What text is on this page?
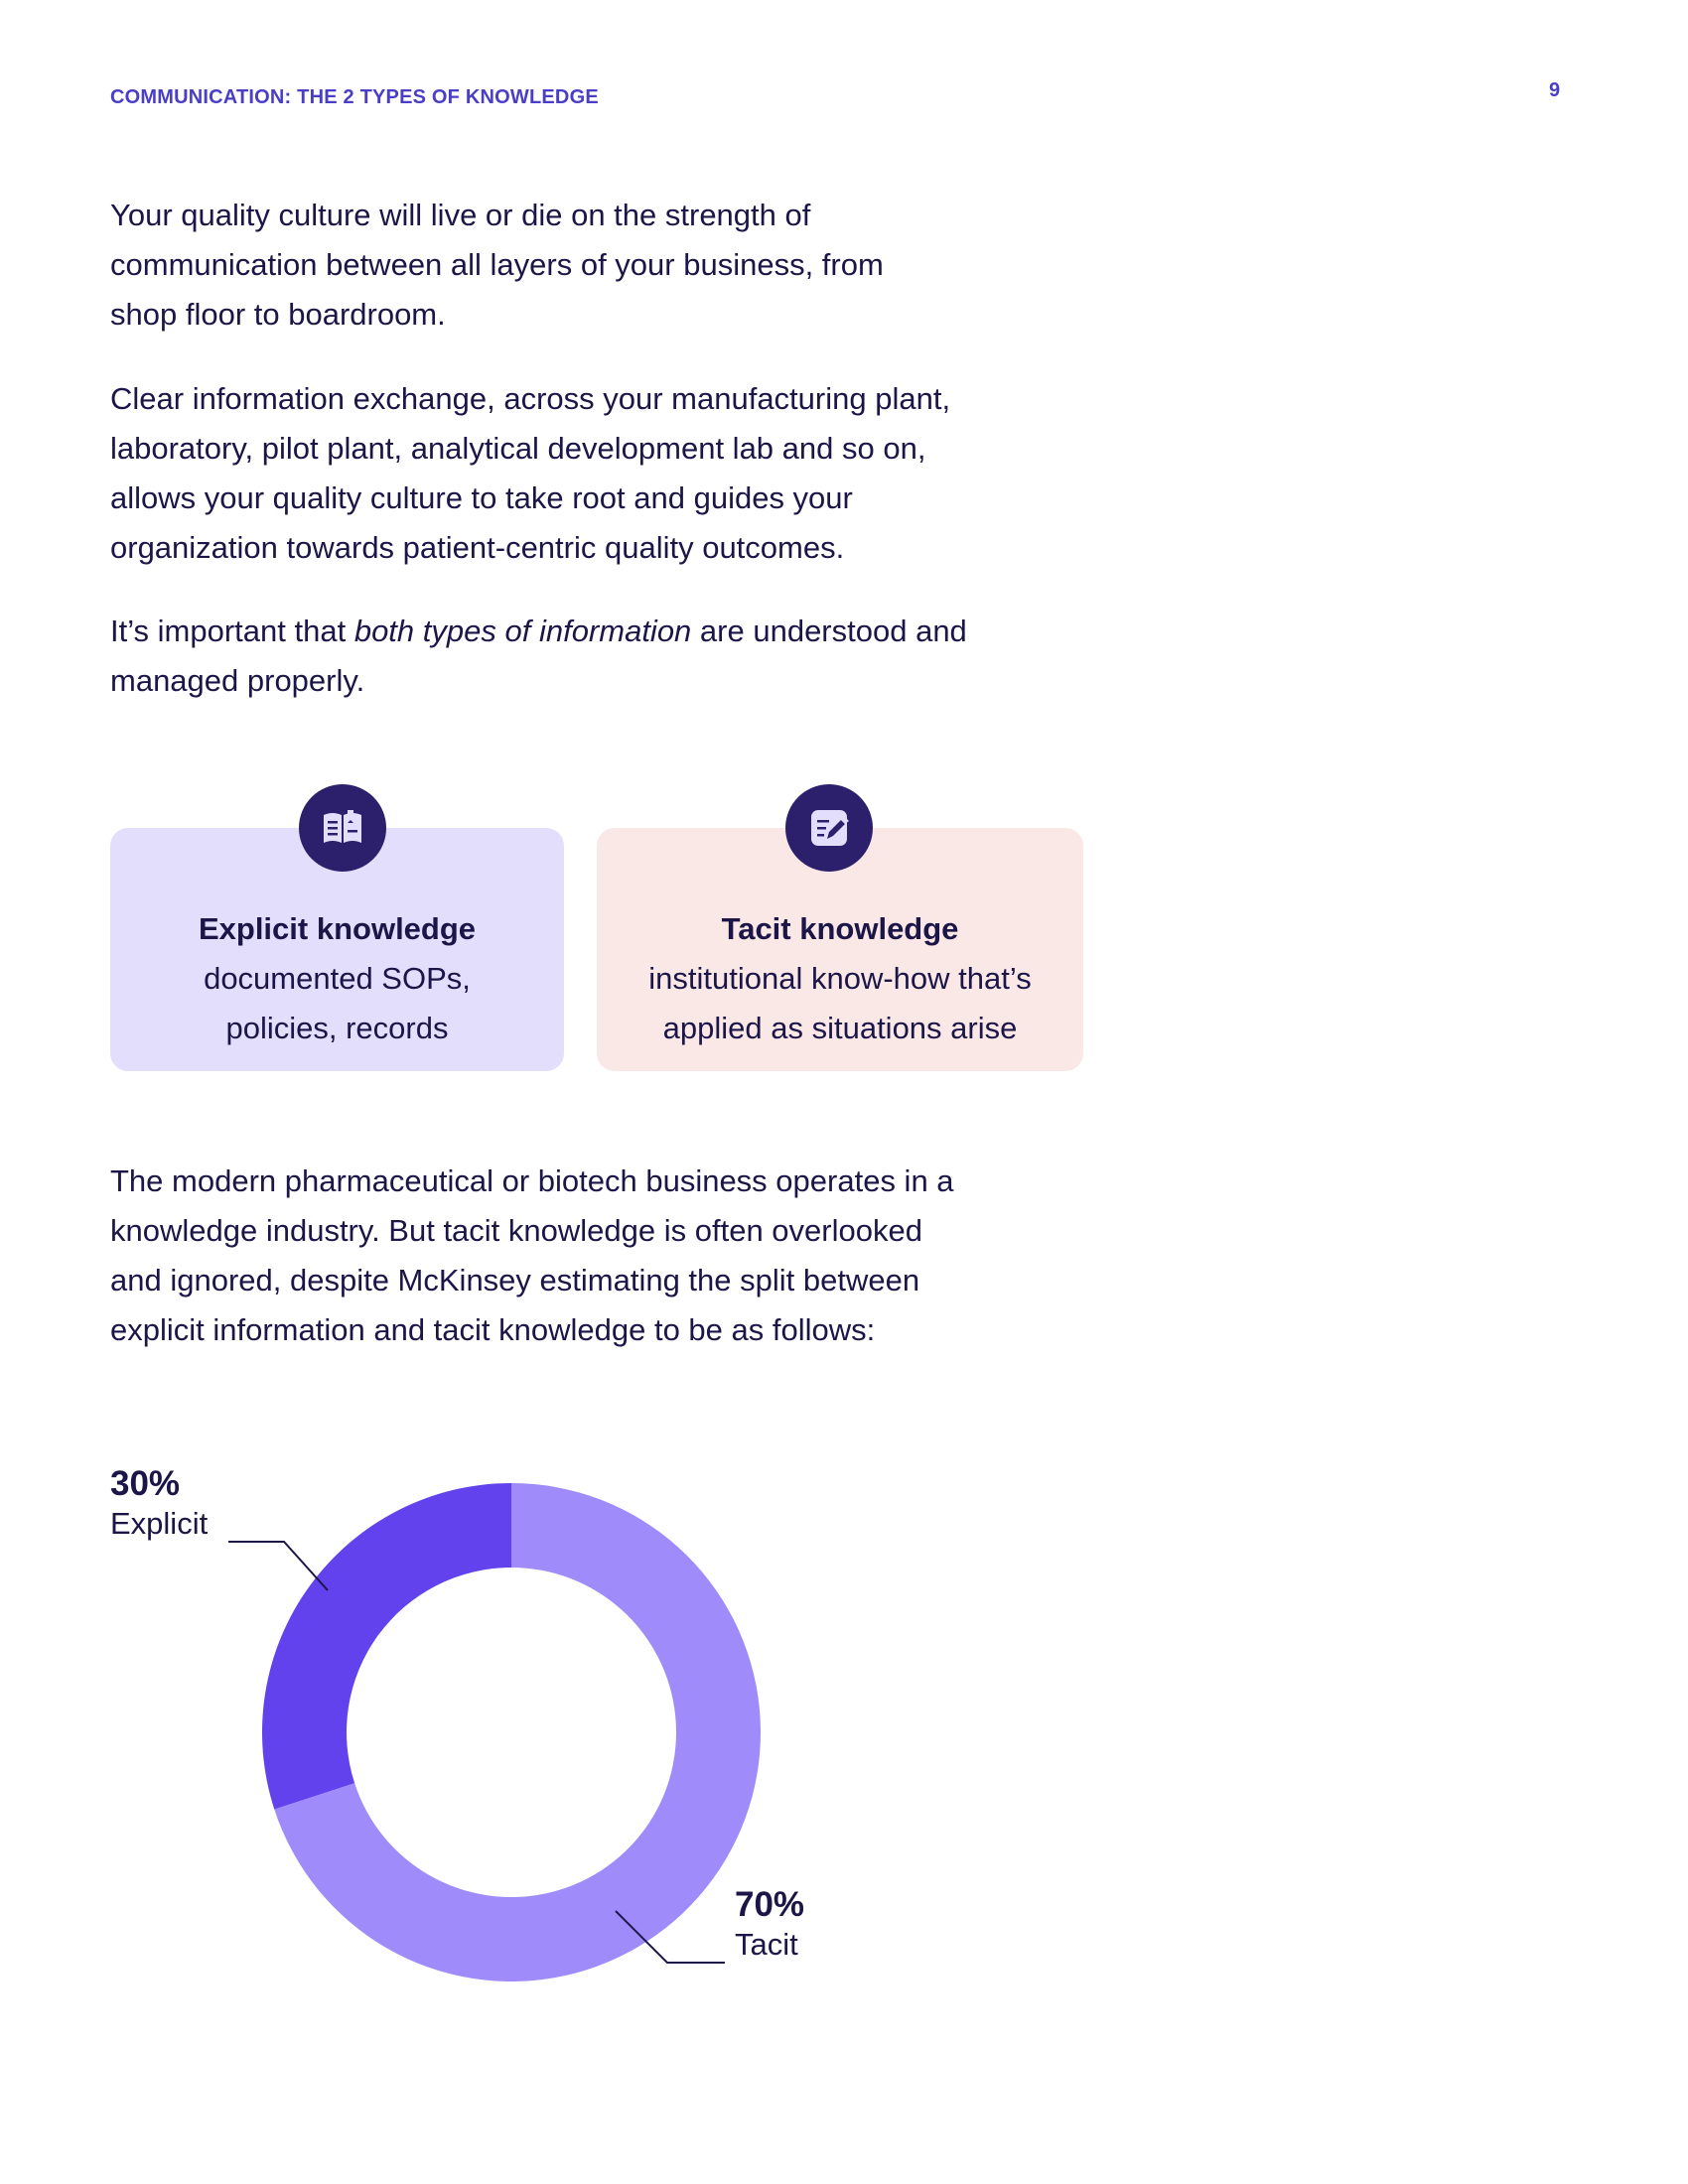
COMMUNICATION: THE 2 TYPES OF KNOWLEDGE	9

Your quality culture will live or die on the strength of communication between all layers of your business, from shop floor to boardroom.

Clear information exchange, across your manufacturing plant, laboratory, pilot plant, analytical development lab and so on, allows your quality culture to take root and guides your organization towards patient-centric quality outcomes.

It’s important that both types of information are understood and managed properly.

Explicit knowledge
documented SOPs,
policies, records
Tacit knowledge
institutional know-how that’s
applied as situations arise

The modern pharmaceutical or biotech business operates in a knowledge industry. But tacit knowledge is often overlooked and ignored, despite McKinsey estimating the split between explicit information and tacit knowledge to be as follows:

30%
Explicit
70%
Tacit
